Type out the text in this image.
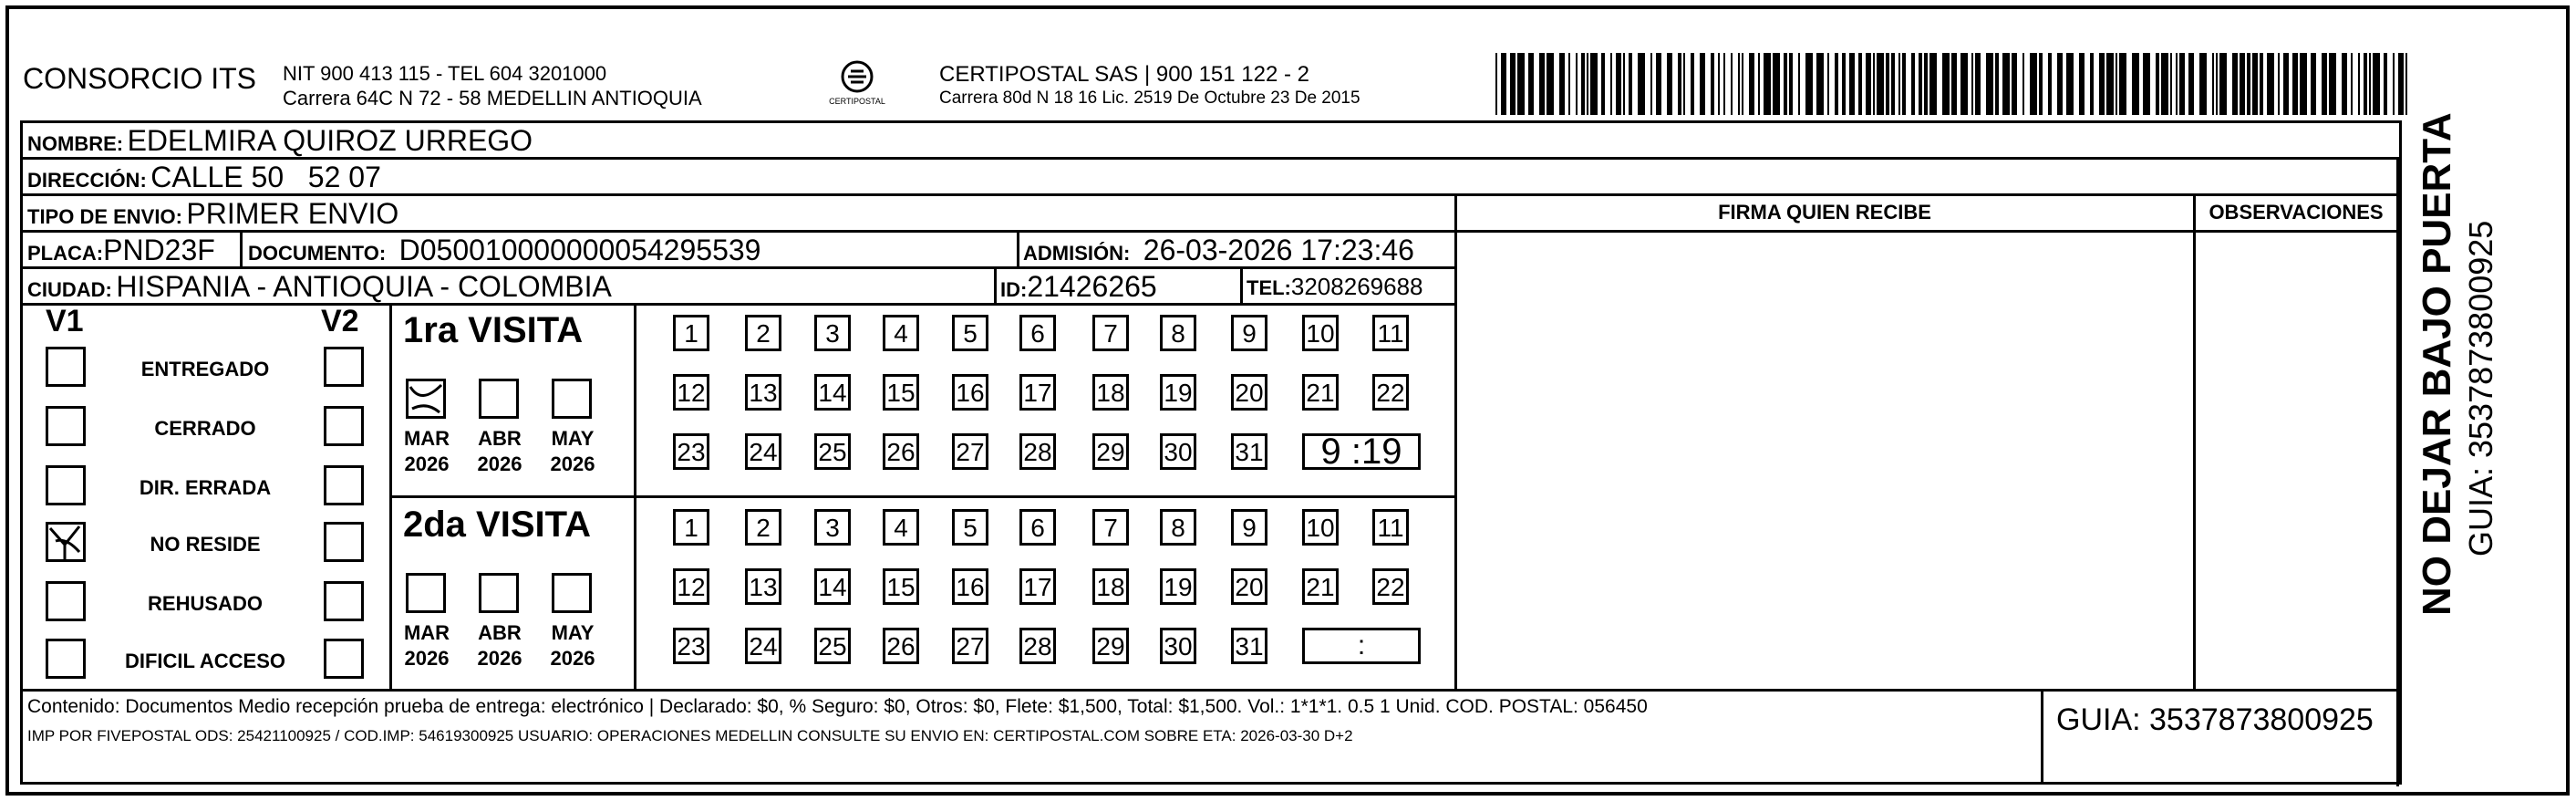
CONSORCIO ITS NIT 900 413 115 - TEL 604 3201000
Carrera 64C N 72 - 58 MEDELLIN ANTIOQUIA	CERTIPOSTAL
CERTIPOSTAL SAS | 900 151 122 - 2
Carrera 80d N 18 16 Lic. 2519 De Octubre 23 De 2015
NOMBRE: EDELMIRA QUIROZ URREGO
DIRECCIÓN: CALLE 50   52 07
TIPO DE ENVIO: PRIMER ENVIO	FIRMA QUIEN RECIBE	OBSERVACIONES
PLACA:PND23F DOCUMENTO: D050010000000054295539	ADMISIÓN: 26-03-2026 17:23:46
CIUDAD: HISPANIA - ANTIOQUIA - COLOMBIA	ID:21426265	TEL:3208269688
V1	V2
ENTREGADO
CERRADO
DIR. ERRADA
NO RESIDE
REHUSADO
DIFICIL ACCESO
1ra VISITA
2da VISITA
MAR
2026
ABR
2026
MAY
2026
1	2	3	4	5	6	7	8	9	10 11
12 13 14 15 16 17 18 19 20 21 22
23 24 25 26 27 28 29 30 31	9 :19
MAR
2026
ABR
2026
MAY
2026
1	2	3	4	5	6	7	8	9	10 11
12 13 14 15 16 17 18 19 20 21 22
23 24 25 26 27 28 29 30 31	:
Contenido: Documentos Medio recepción prueba de entrega: electrónico | Declarado: $0, % Seguro: $0, Otros: $0, Flete: $1,500, Total: $1,500. Vol.: 1*1*1. 0.5 1 Unid. COD. POSTAL: 056450
IMP POR FIVEPOSTAL ODS: 25421100925 / COD.IMP: 54619300925 USUARIO: OPERACIONES MEDELLIN CONSULTE SU ENVIO EN: CERTIPOSTAL.COM SOBRE ETA: 2026-03-30 D+2	GUIA: 3537873800925
NO DEJAR BAJO PUERTA GUIA: 3537873800925
